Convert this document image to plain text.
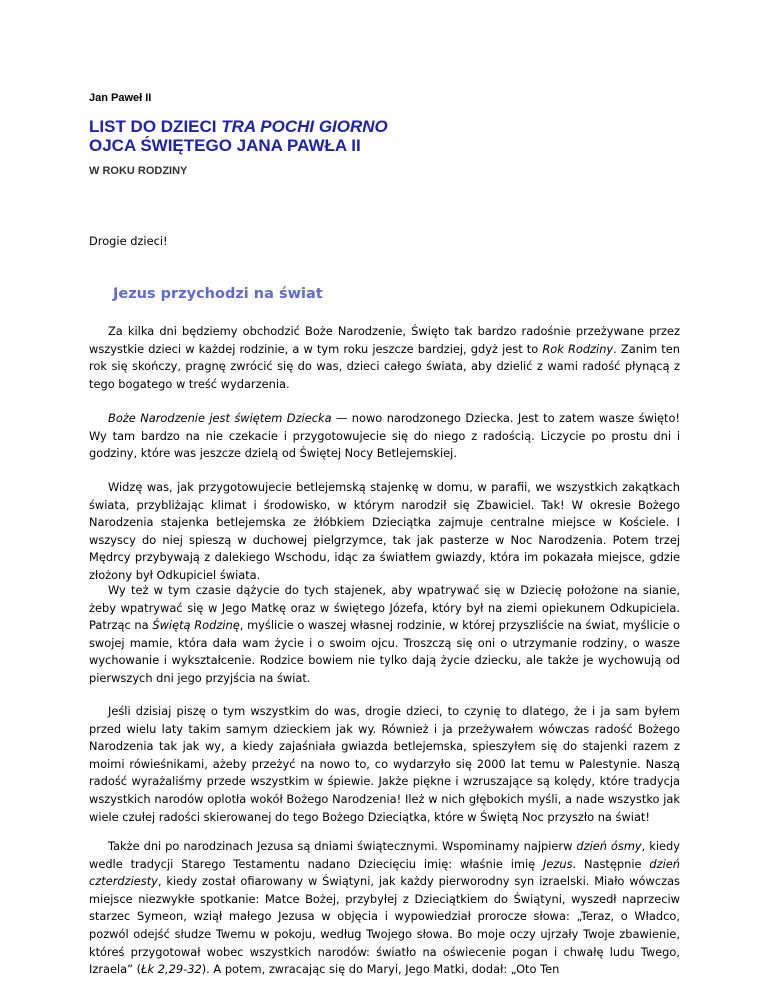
Jan Paweł II
LIST DO DZIECI TRA POCHI GIORNO
OJCA ŚWIĘTEGO JANA PAWŁA II
W ROKU RODZINY
Drogie dzieci!
Jezus przychodzi na świat
Za kilka dni będziemy obchodzić Boże Narodzenie, Święto tak bardzo radośnie przeżywane przez wszystkie dzieci w każdej rodzinie, a w tym roku jeszcze bardziej, gdyż jest to Rok Rodziny. Zanim ten rok się skończy, pragnę zwrócić się do was, dzieci całego świata, aby dzielić z wami radość płynącą z tego bogatego w treść wydarzenia.
Boże Narodzenie jest świętem Dziecka — nowo narodzonego Dziecka. Jest to zatem wasze święto! Wy tam bardzo na nie czekacie i przygotowujecie się do niego z radością. Liczycie po prostu dni i godziny, które was jeszcze dzielą od Świętej Nocy Betlejemskiej.
Widzę was, jak przygotowujecie betlejemską stajenkę w domu, w parafii, we wszystkich zakątkach świata, przybliżając klimat i środowisko, w którym narodził się Zbawiciel. Tak! W okresie Bożego Narodzenia stajenka betlejemska ze żłóbkiem Dzieciątka zajmuje centralne miejsce w Kościele. I wszyscy do niej spieszą w duchowej pielgrzymce, tak jak pasterze w Noc Narodzenia. Potem trzej Mędrcy przybywają z dalekiego Wschodu, idąc za światłem gwiazdy, która im pokazała miejsce, gdzie złożony był Odkupiciel świata.
Wy też w tym czasie dążycie do tych stajenek, aby wpatrywać się w Dziecię położone na sianie, żeby wpatrywać się w Jego Matkę oraz w świętego Józefa, który był na ziemi opiekunem Odkupiciela. Patrząc na Świętą Rodzinę, myślicie o waszej własnej rodzinie, w której przyszliście na świat, myślicie o swojej mamie, która dała wam życie i o swoim ojcu. Troszczą się oni o utrzymanie rodziny, o wasze wychowanie i wykształcenie. Rodzice bowiem nie tylko dają życie dziecku, ale także je wychowują od pierwszych dni jego przyjścia na świat.
Jeśli dzisiaj piszę o tym wszystkim do was, drogie dzieci, to czynię to dlatego, że i ja sam byłem przed wielu laty takim samym dzieckiem jak wy. Również i ja przeżywałem wówczas radość Bożego Narodzenia tak jak wy, a kiedy zajaśniała gwiazda betlejemska, spieszyłem się do stajenki razem z moimi rówieśnikami, ażeby przeżyć na nowo to, co wydarzyło się 2000 lat temu w Palestynie. Naszą radość wyrażaliśmy przede wszystkim w śpiewie. Jakże piękne i wzruszające są kolędy, które tradycja wszystkich narodów oplotła wokół Bożego Narodzenia! Ileż w nich głębokich myśli, a nade wszystko jak wiele czułej radości skierowanej do tego Bożego Dzieciątka, które w Świętą Noc przyszło na świat!
Także dni po narodzinach Jezusa są dniami świątecznymi. Wspominamy najpierw dzień ósmy, kiedy wedle tradycji Starego Testamentu nadano Dziecięciu imię: właśnie imię Jezus. Następnie dzień czterdziesty, kiedy został ofiarowany w Świątyni, jak każdy pierworodny syn izraelski. Miało wówczas miejsce niezwykłe spotkanie: Matce Bożej, przybyłej z Dzieciątkiem do Świątyni, wyszedł naprzeciw starzec Symeon, wziął małego Jezusa w objęcia i wypowiedział prorocze słowa: „Teraz, o Władco, pozwól odejść słudze Twemu w pokoju, według Twojego słowa. Bo moje oczy ujrzały Twoje zbawienie, któreś przygotował wobec wszystkich narodów: światło na oświecenie pogan i chwałę ludu Twego, Izraela” (Łk 2,29-32). A potem, zwracając się do Maryi, Jego Matki, dodał: „Oto Ten
